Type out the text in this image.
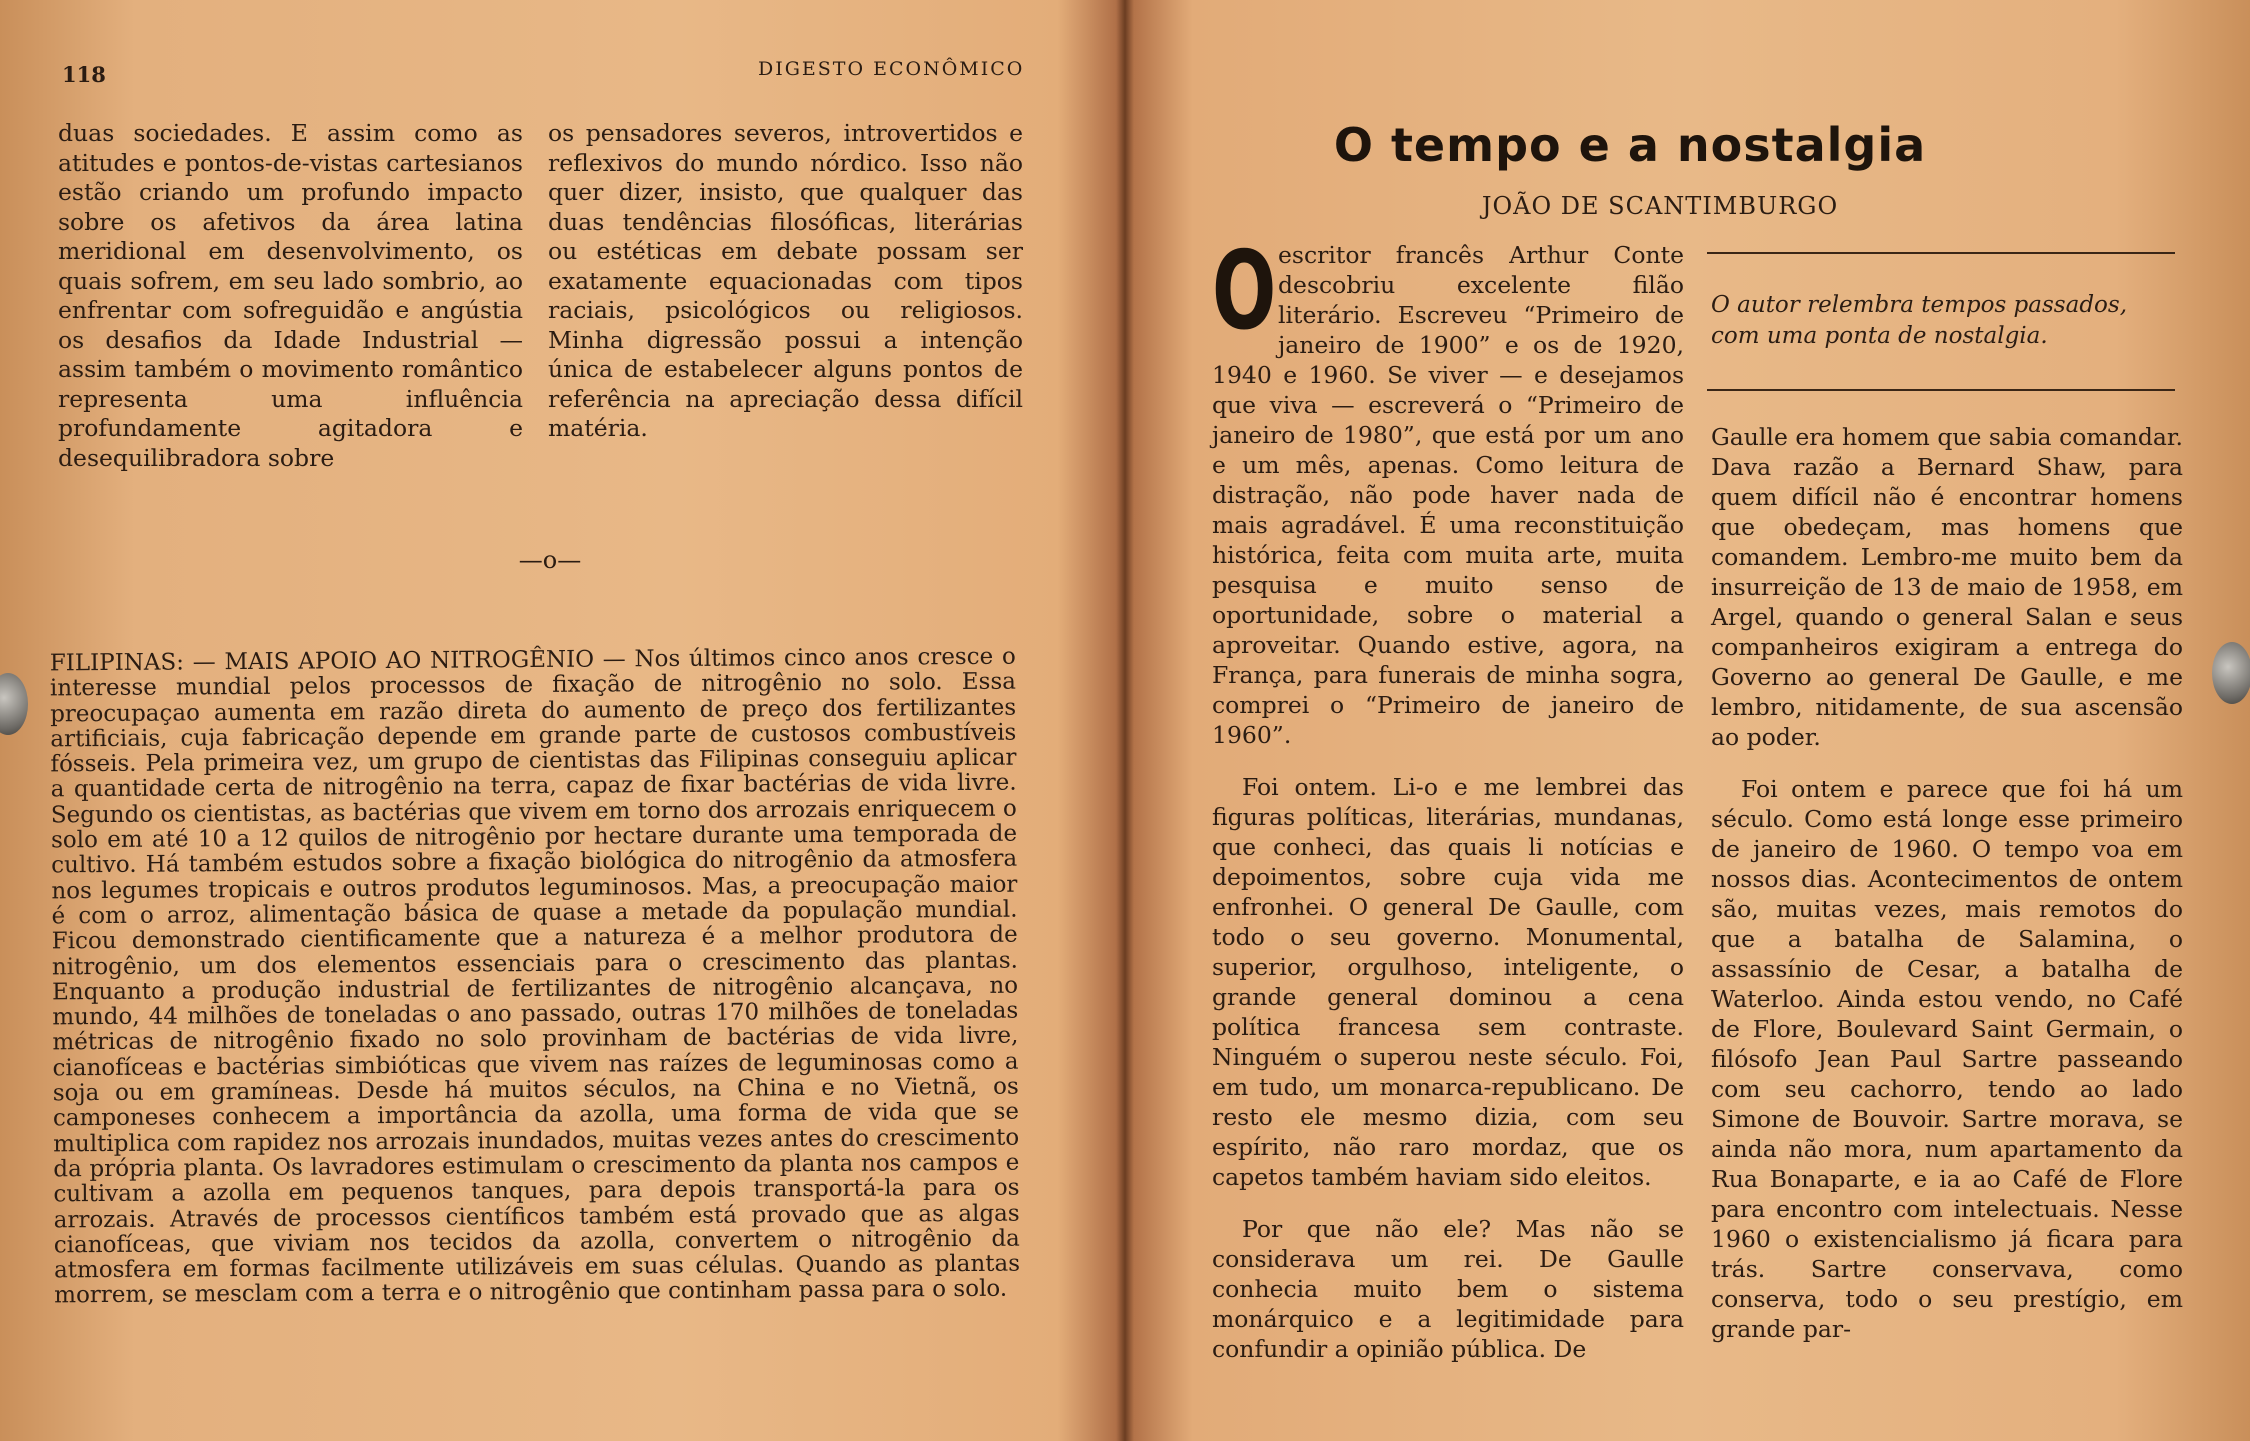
118	DIGESTO ECONÔMICO
duas sociedades. E assim como as atitudes e pontos-de-vistas cartesianos estão criando um profundo impacto sobre os afetivos da área latina meridional em desenvolvimento, os quais sofrem, em seu lado sombrio, ao enfrentar com sofreguidão e angústia os desafios da Idade Industrial — assim também o movimento romântico representa uma influência profundamente agitadora e desequilibradora sobre
os pensadores severos, introvertidos e reflexivos do mundo nórdico. Isso não quer dizer, insisto, que qualquer das duas tendências filosóficas, literárias ou estéticas em debate possam ser exatamente equacionadas com tipos raciais, psicológicos ou religiosos. Minha digressão possui a intenção única de estabelecer alguns pontos de referência na apreciação dessa difícil matéria.
—o—
FILIPINAS: — MAIS APOIO AO NITROGÊNIO — Nos últimos cinco anos cresce o interesse mundial pelos processos de fixação de nitrogênio no solo. Essa preocupaçao aumenta em razão direta do aumento de preço dos fertilizantes artificiais, cuja fabricação depende em grande parte de custosos combustíveis fósseis. Pela primeira vez, um grupo de cientistas das Filipinas conseguiu aplicar a quantidade certa de nitrogênio na terra, capaz de fixar bactérias de vida livre. Segundo os cientistas, as bactérias que vivem em torno dos arrozais enriquecem o solo em até 10 a 12 quilos de nitrogênio por hectare durante uma temporada de cultivo. Há também estudos sobre a fixação biológica do nitrogênio da atmosfera nos legumes tropicais e outros produtos leguminosos. Mas, a preocupação maior é com o arroz, alimentação básica de quase a metade da população mundial. Ficou demonstrado cientificamente que a natureza é a melhor produtora de nitrogênio, um dos elementos essenciais para o crescimento das plantas. Enquanto a produção industrial de fertilizantes de nitrogênio alcançava, no mundo, 44 milhões de toneladas o ano passado, outras 170 milhões de toneladas métricas de nitrogênio fixado no solo provinham de bactérias de vida livre, cianofíceas e bactérias simbióticas que vivem nas raízes de leguminosas como a soja ou em gramíneas. Desde há muitos séculos, na China e no Vietnã, os camponeses conhecem a importância da azolla, uma forma de vida que se multiplica com rapidez nos arrozais inundados, muitas vezes antes do crescimento da própria planta. Os lavradores estimulam o crescimento da planta nos campos e cultivam a azolla em pequenos tanques, para depois transportá-la para os arrozais. Através de processos científicos também está provado que as algas cianofíceas, que viviam nos tecidos da azolla, convertem o nitrogênio da atmosfera em formas facilmente utilizáveis em suas células. Quando as plantas morrem, se mesclam com a terra e o nitrogênio que continham passa para o solo.
O tempo e a nostalgia
JOÃO DE SCANTIMBURGO
O autor relembra tempos passados, com uma ponta de nostalgia.

Oescritor francês Arthur Conte descobriu excelente filão literário. Escreveu “Primeiro de janeiro de 1900” e os de 1920, 1940 e 1960. Se viver — e desejamos que viva — escreverá o “Primeiro de janeiro de 1980”, que está por um ano e um mês, apenas. Como leitura de distração, não pode haver nada de mais agradável. É uma reconstituição histórica, feita com muita arte, muita pesquisa e muito senso de oportunidade, sobre o material a aproveitar. Quando estive, agora, na França, para funerais de minha sogra, comprei o “Primeiro de janeiro de 1960”.

Foi ontem. Li-o e me lembrei das figuras políticas, literárias, mundanas, que conheci, das quais li notícias e depoimentos, sobre cuja vida me enfronhei. O general De Gaulle, com todo o seu governo. Monumental, superior, orgulhoso, inteligente, o grande general dominou a cena política francesa sem contraste. Ninguém o superou neste século. Foi, em tudo, um monarca-republicano. De resto ele mesmo dizia, com seu espírito, não raro mordaz, que os capetos também haviam sido eleitos.

Por que não ele? Mas não se considerava um rei. De Gaulle conhecia muito bem o sistema monárquico e a legitimidade para confundir a opinião pública. De

Gaulle era homem que sabia comandar. Dava razão a Bernard Shaw, para quem difícil não é encontrar homens que obedeçam, mas homens que comandem. Lembro-me muito bem da insurreição de 13 de maio de 1958, em Argel, quando o general Salan e seus companheiros exigiram a entrega do Governo ao general De Gaulle, e me lembro, nitidamente, de sua ascensão ao poder.

Foi ontem e parece que foi há um século. Como está longe esse primeiro de janeiro de 1960. O tempo voa em nossos dias. Acontecimentos de ontem são, muitas vezes, mais remotos do que a batalha de Salamina, o assassínio de Cesar, a batalha de Waterloo. Ainda estou vendo, no Café de Flore, Boulevard Saint Germain, o filósofo Jean Paul Sartre passeando com seu cachorro, tendo ao lado Simone de Bouvoir. Sartre morava, se ainda não mora, num apartamento da Rua Bonaparte, e ia ao Café de Flore para encontro com intelectuais. Nesse 1960 o existencialismo já ficara para trás. Sartre conservava, como conserva, todo o seu prestígio, em grande par-
